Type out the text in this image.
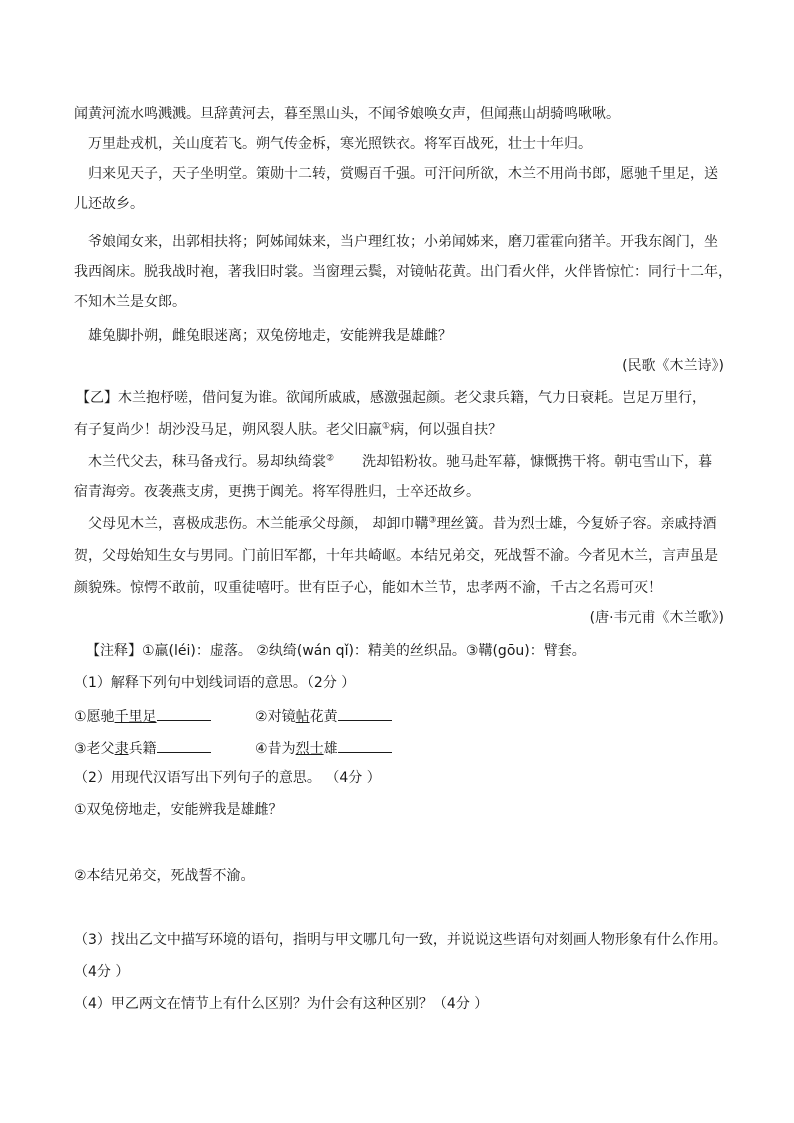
闻黄河流水鸣溅溅。旦辞黄河去，暮至黑山头，不闻爷娘唤女声，但闻燕山胡骑鸣啾啾。
万里赴戎机，关山度若飞。朔气传金柝，寒光照铁衣。将军百战死，壮士十年归。
归来见天子，天子坐明堂。策勋十二转，赏赐百千强。可汗问所欲，木兰不用尚书郎，愿驰千里足，送
儿还故乡。
爷娘闻女来，出郭相扶将；阿姊闻妹来，当户理红妆；小弟闻姊来，磨刀霍霍向猪羊。开我东阁门，坐
我西阁床。脱我战时袍，著我旧时裳。当窗理云鬓，对镜帖花黄。出门看火伴，火伴皆惊忙：同行十二年，
不知木兰是女郎。
雄兔脚扑朔，雌兔眼迷离；双兔傍地走，安能辨我是雄雌？
(民歌《木兰诗》)
【乙】木兰抱杼嗟，借问复为谁。欲闻所戚戚，感激强起颜。老父隶兵籍，气力日衰耗。岂足万里行，
有子复尚少！胡沙没马足，朔风裂人肤。老父旧羸①病，何以强自扶？
木兰代父去，秣马备戎行。易却纨绮裳② 洗却铅粉妆。驰马赴军幕，慷慨携干将。朝屯雪山下，暮
宿青海旁。夜袭燕支虏，更携于阗羌。将军得胜归，士卒还故乡。
父母见木兰，喜极成悲伤。木兰能承父母颜， 却卸巾鞲③理丝簧。昔为烈士雄，今复娇子容。亲戚持酒
贺，父母始知生女与男同。门前旧军都，十年共崎岖。本结兄弟交，死战誓不渝。今者见木兰，言声虽是
颜貌殊。惊愕不敢前，叹重徒嘻吁。世有臣子心，能如木兰节，忠孝两不渝，千古之名焉可灭！
(唐·韦元甫《木兰歌》)
【注释】①羸(léi)：虚落。 ②纨绮(wán qǐ)：精美的丝织品。③鞲(gōu)：臂套。
（1）解释下列句中划线词语的意思。（2分 ）
①愿驰千里足	②对镜帖花黄
③老父隶兵籍	④昔为烈士雄
（2）用现代汉语写出下列句子的意思。 （4分 ）
①双兔傍地走，安能辨我是雄雌？
②本结兄弟交，死战誓不渝。
（3）找出乙文中描写环境的语句，指明与甲文哪几句一致，并说说这些语句对刻画人物形象有什么作用。
（4分 ）
（4）甲乙两文在情节上有什么区别？为什会有这种区别？（4分 ）
